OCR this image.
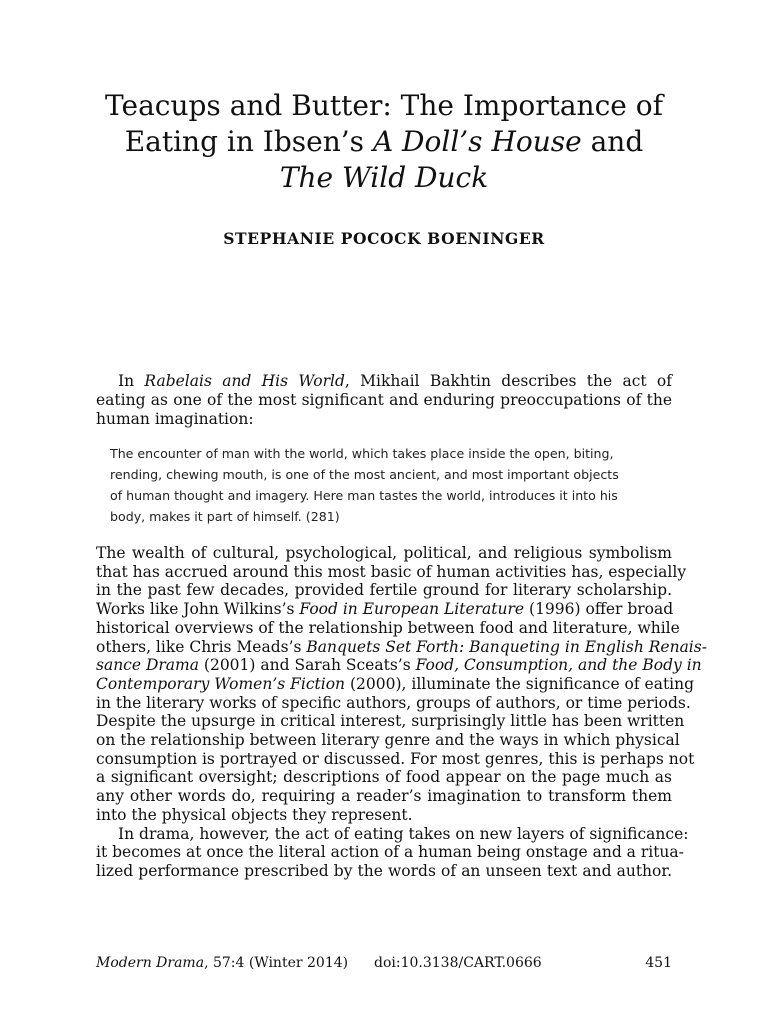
Teacups and Butter: The Importance of
Eating in Ibsen’s A Doll’s House and
The Wild Duck

STEPHANIE POCOCK BOENINGER

In Rabelais and His World, Mikhail Bakhtin describes the act of eating as one of the most significant and enduring preoccupations of the human imagination:

The encounter of man with the world, which takes place inside the open, biting,
rending, chewing mouth, is one of the most ancient, and most important objects
of human thought and imagery. Here man tastes the world, introduces it into his
body, makes it part of himself. (281)
The wealth of cultural, psychological, political, and religious symbolism
that has accrued around this most basic of human activities has, especially
in the past few decades, provided fertile ground for literary scholarship.
Works like John Wilkins’s Food in European Literature (1996) offer broad
historical overviews of the relationship between food and literature, while
others, like Chris Meads’s Banquets Set Forth: Banqueting in English Renais-
sance Drama (2001) and Sarah Sceats’s Food, Consumption, and the Body in
Contemporary Women’s Fiction (2000), illuminate the significance of eating
in the literary works of specific authors, groups of authors, or time periods.
Despite the upsurge in critical interest, surprisingly little has been written
on the relationship between literary genre and the ways in which physical
consumption is portrayed or discussed. For most genres, this is perhaps not
a significant oversight; descriptions of food appear on the page much as
any other words do, requiring a reader’s imagination to transform them
into the physical objects they represent.
In drama, however, the act of eating takes on new layers of significance:
it becomes at once the literal action of a human being onstage and a ritua-
lized performance prescribed by the words of an unseen text and author.
Modern Drama, 57:4 (Winter 2014) doi:10.3138/CART.0666	451
